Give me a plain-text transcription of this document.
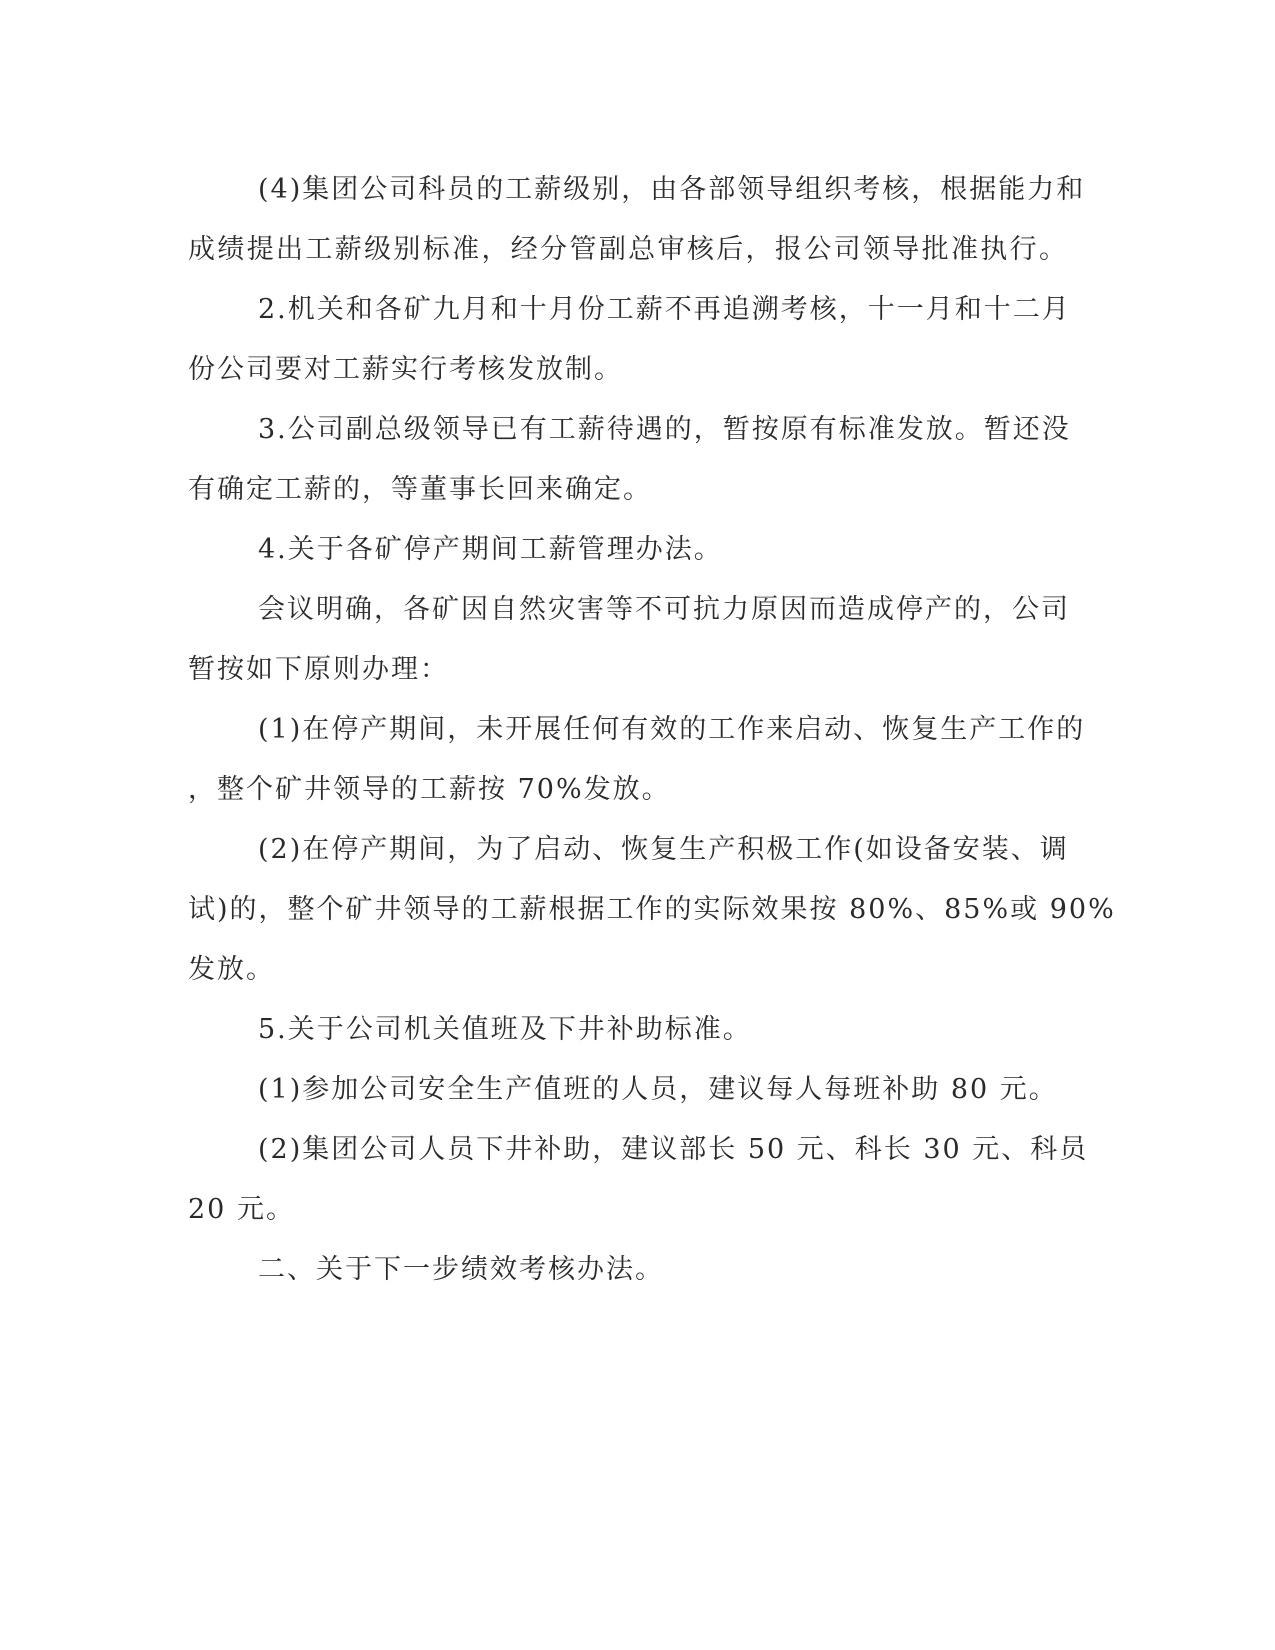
(4)集团公司科员的工薪级别，由各部领导组织考核，根据能力和
成绩提出工薪级别标准，经分管副总审核后，报公司领导批准执行。
2.机关和各矿九月和十月份工薪不再追溯考核，十一月和十二月
份公司要对工薪实行考核发放制。
3.公司副总级领导已有工薪待遇的，暂按原有标准发放。暂还没
有确定工薪的，等董事长回来确定。
4.关于各矿停产期间工薪管理办法。
会议明确，各矿因自然灾害等不可抗力原因而造成停产的，公司
暂按如下原则办理：
(1)在停产期间，未开展任何有效的工作来启动、恢复生产工作的
，整个矿井领导的工薪按 70%发放。
(2)在停产期间，为了启动、恢复生产积极工作(如设备安装、调
试)的，整个矿井领导的工薪根据工作的实际效果按 80%、85%或 90%
发放。
5.关于公司机关值班及下井补助标准。
(1)参加公司安全生产值班的人员，建议每人每班补助 80 元。
(2)集团公司人员下井补助，建议部长 50 元、科长 30 元、科员
20 元。
二、关于下一步绩效考核办法。
